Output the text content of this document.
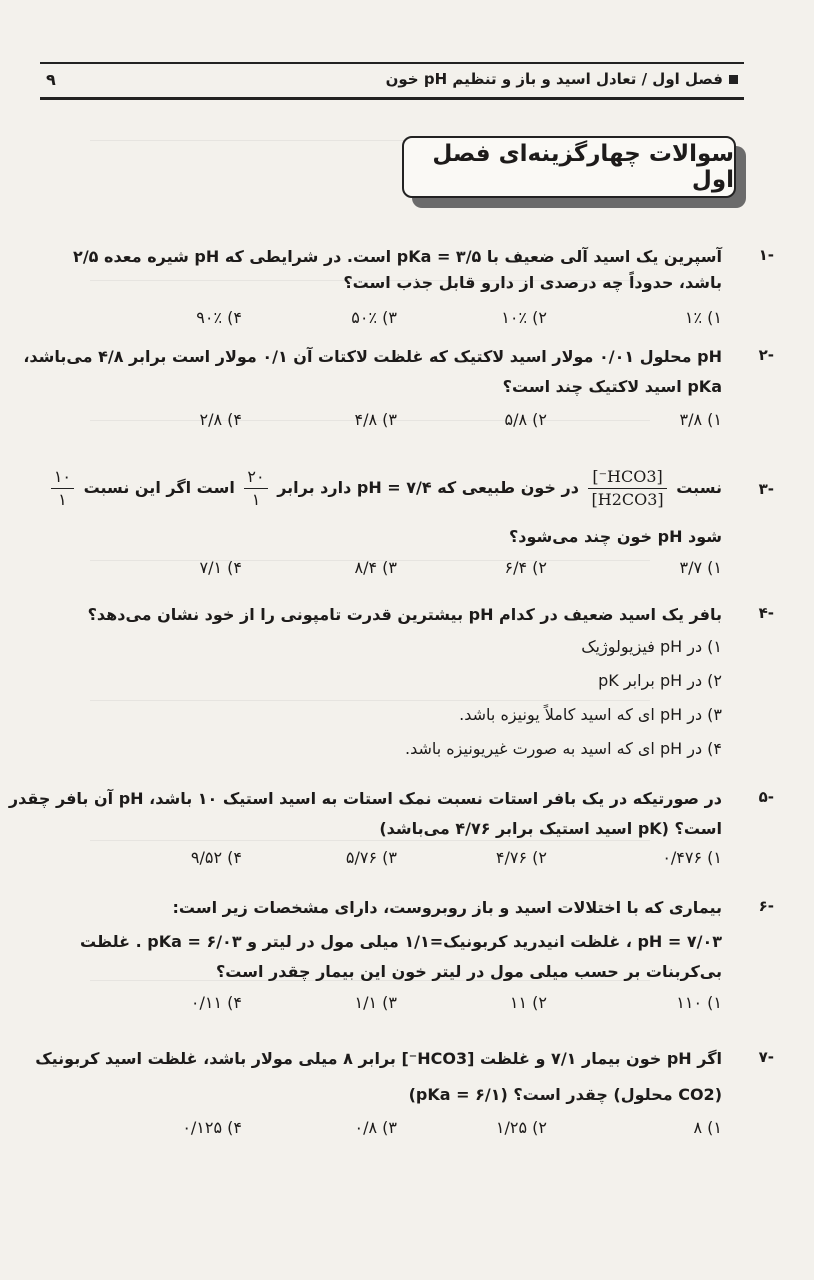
فصل اول / تعادل اسید و باز و تنظیم pH خون
۹
سوالات چهارگزینه‌ای فصل اول
-۱
آسپرین یک اسید آلی ضعیف با pKa = ۳/۵ است. در شرایطی که pH شیره معده ۲/۵
باشد، حدوداً چه درصدی از دارو قابل جذب است؟
۱) ۱٪
۲) ۱۰٪
۳) ۵۰٪
۴) ۹۰٪
-۲
pH محلول ۰/۰۱ مولار اسید لاکتیک که غلظت لاکتات آن ۰/۱ مولار است برابر ۴/۸ می‌باشد،
pKa اسید لاکتیک چند است؟
۱) ۳/۸
۲) ۵/۸
۳) ۴/۸
۴) ۲/۸
-۳
نسبت
$\frac{\text{[HCO3⁻]}}{[H2CO3]}$
در خون طبیعی که pH = ۷/۴ دارد برابر
$\frac{۲۰}{۱}$
است اگر این نسبت
$\frac{۱۰}{۱}$
شود pH خون چند می‌شود؟
۱) ۳/۷
۲) ۶/۴
۳) ۸/۴
۴) ۷/۱
-۴
بافر یک اسید ضعیف در کدام pH بیشترین قدرت تامپونی را از خود نشان می‌دهد؟
۱) در pH فیزیولوژیک
۲) در pH برابر pK
۳) در pH ای که اسید کاملاً یونیزه باشد.
۴) در pH ای که اسید به صورت غیریونیزه باشد.
-۵
در صورتیکه در یک بافر استات نسبت نمک استات به اسید استیک ۱۰ باشد، pH آن بافر چقدر
است؟ (pK اسید استیک برابر ۴/۷۶ می‌باشد)
۱) ۰/۴۷۶
۲) ۴/۷۶
۳) ۵/۷۶
۴) ۹/۵۲
-۶
بیماری که با اختلالات اسید و باز روبروست، دارای مشخصات زیر است:
pH = ۷/۰۳ ، غلظت انیدرید کربونیک=۱/۱ میلی مول در لیتر و pKa = ۶/۰۳ . غلظت
بی‌کربنات بر حسب میلی مول در لیتر خون این بیمار چقدر است؟
۱) ۱۱۰
۲) ۱۱
۳) ۱/۱
۴) ۰/۱۱
-۷
اگر pH خون بیمار ۷/۱ و غلظت [HCO3⁻] برابر ۸ میلی مولار باشد، غلظت اسید کربونیک
(CO2 محلول) چقدر است؟ (pKa = ۶/۱)
۱) ۸
۲) ۱/۲۵
۳) ۰/۸
۴) ۰/۱۲۵
